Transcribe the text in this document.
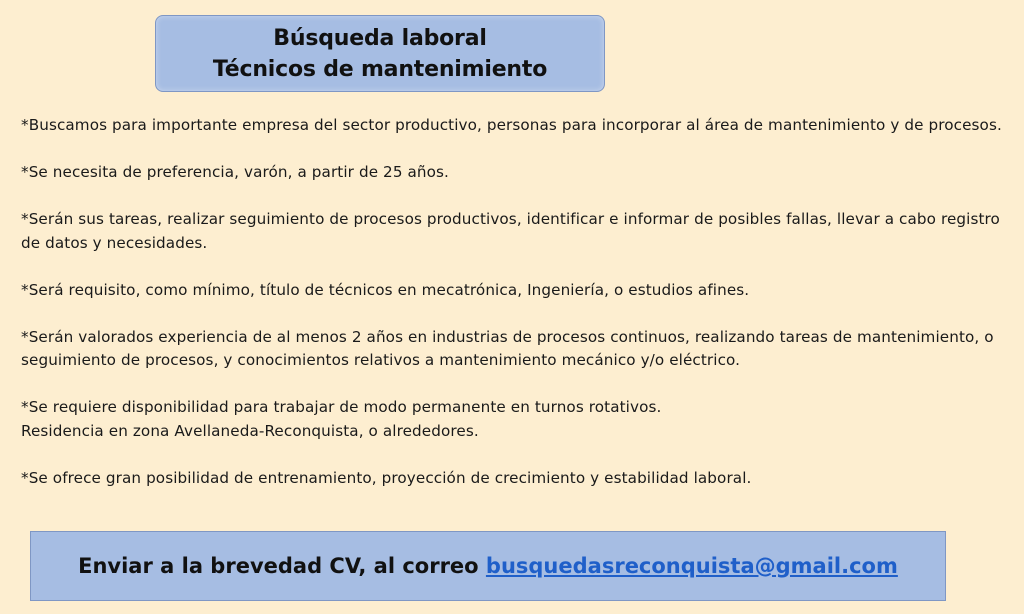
Búsqueda laboral
Técnicos de mantenimiento

*Buscamos para importante empresa del sector productivo, personas para incorporar al área de mantenimiento y de procesos.

*Se necesita de preferencia, varón, a partir de 25 años.

*Serán sus tareas, realizar seguimiento de procesos productivos, identificar e informar de posibles fallas, llevar a cabo registro de datos y necesidades.

*Será requisito, como mínimo, título de técnicos en mecatrónica, Ingeniería, o estudios afines.

*Serán valorados experiencia de al menos 2 años en industrias de procesos continuos, realizando tareas de mantenimiento, o seguimiento de procesos, y conocimientos relativos a mantenimiento mecánico y/o eléctrico.

*Se requiere disponibilidad para trabajar de modo permanente en turnos rotativos.
Residencia en zona Avellaneda-Reconquista, o alrededores.

*Se ofrece gran posibilidad de entrenamiento, proyección de crecimiento y estabilidad laboral.

Enviar a la brevedad CV, al correo busquedasreconquista@gmail.com
